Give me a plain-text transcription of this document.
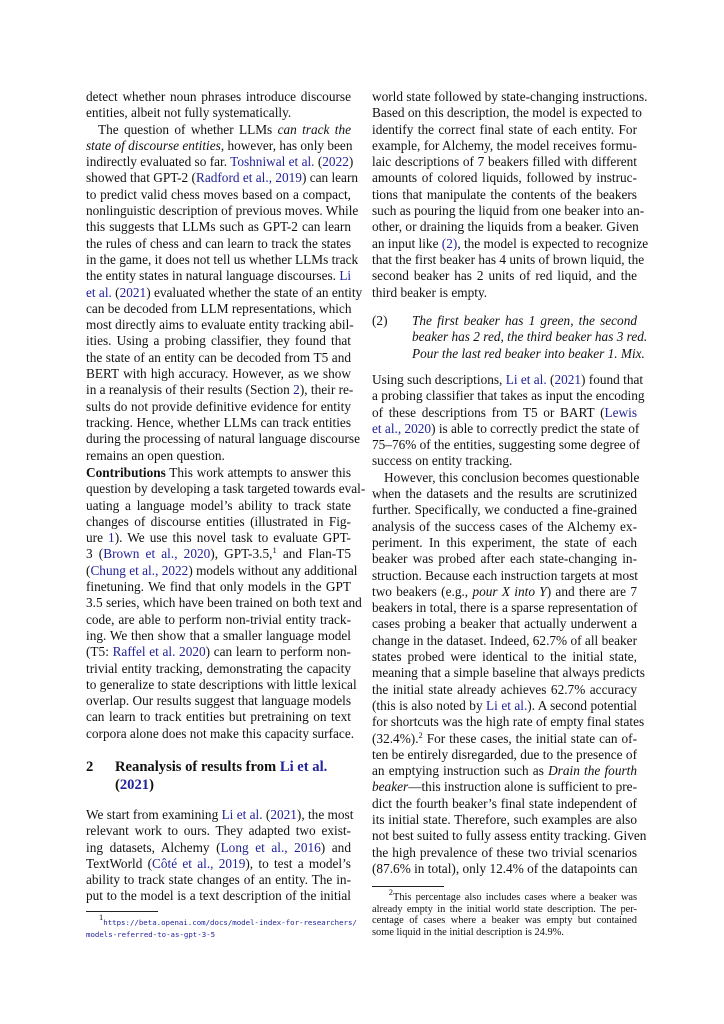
detect whether noun phrases introduce discourse
entities, albeit not fully systematically.
The question of whether LLMs can track the
state of discourse entities, however, has only been
indirectly evaluated so far. Toshniwal et al. (2022)
showed that GPT-2 (Radford et al., 2019) can learn
to predict valid chess moves based on a compact,
nonlinguistic description of previous moves. While
this suggests that LLMs such as GPT-2 can learn
the rules of chess and can learn to track the states
in the game, it does not tell us whether LLMs track
the entity states in natural language discourses. Li
et al. (2021) evaluated whether the state of an entity
can be decoded from LLM representations, which
most directly aims to evaluate entity tracking abil-
ities. Using a probing classifier, they found that
the state of an entity can be decoded from T5 and
BERT with high accuracy. However, as we show
in a reanalysis of their results (Section 2), their re-
sults do not provide definitive evidence for entity
tracking. Hence, whether LLMs can track entities
during the processing of natural language discourse
remains an open question.
Contributions This work attempts to answer this
question by developing a task targeted towards eval-
uating a language model’s ability to track state
changes of discourse entities (illustrated in Fig-
ure 1). We use this novel task to evaluate GPT-
3 (Brown et al., 2020), GPT-3.5,$^1$ and Flan-T5
(Chung et al., 2022) models without any additional
finetuning. We find that only models in the GPT
3.5 series, which have been trained on both text and
code, are able to perform non-trivial entity track-
ing. We then show that a smaller language model
(T5: Raffel et al. 2020) can learn to perform non-
trivial entity tracking, demonstrating the capacity
to generalize to state descriptions with little lexical
overlap. Our results suggest that language models
can learn to track entities but pretraining on text
corpora alone does not make this capacity surface.
2 Reanalysis of results from Li et al.
(2021)
We start from examining Li et al. (2021), the most
relevant work to ours. They adapted two exist-
ing datasets, Alchemy (Long et al., 2016) and
TextWorld (Côté et al., 2019), to test a model’s
ability to track state changes of an entity. The in-
put to the model is a text description of the initial
$^1$https://beta.openai.com/docs/model-index-for-researchers/
models-referred-to-as-gpt-3-5
world state followed by state-changing instructions.
Based on this description, the model is expected to
identify the correct final state of each entity. For
example, for Alchemy, the model receives formu-
laic descriptions of 7 beakers filled with different
amounts of colored liquids, followed by instruc-
tions that manipulate the contents of the beakers
such as pouring the liquid from one beaker into an-
other, or draining the liquids from a beaker. Given
an input like (2), the model is expected to recognize
that the first beaker has 4 units of brown liquid, the
second beaker has 2 units of red liquid, and the
third beaker is empty.
(2) The first beaker has 1 green, the second
beaker has 2 red, the third beaker has 3 red.
Pour the last red beaker into beaker 1. Mix.
Using such descriptions, Li et al. (2021) found that
a probing classifier that takes as input the encoding
of these descriptions from T5 or BART (Lewis
et al., 2020) is able to correctly predict the state of
75–76% of the entities, suggesting some degree of
success on entity tracking.
However, this conclusion becomes questionable
when the datasets and the results are scrutinized
further. Specifically, we conducted a fine-grained
analysis of the success cases of the Alchemy ex-
periment. In this experiment, the state of each
beaker was probed after each state-changing in-
struction. Because each instruction targets at most
two beakers (e.g., pour X into Y) and there are 7
beakers in total, there is a sparse representation of
cases probing a beaker that actually underwent a
change in the dataset. Indeed, 62.7% of all beaker
states probed were identical to the initial state,
meaning that a simple baseline that always predicts
the initial state already achieves 62.7% accuracy
(this is also noted by Li et al.). A second potential
for shortcuts was the high rate of empty final states
(32.4%).$^2$ For these cases, the initial state can of-
ten be entirely disregarded, due to the presence of
an emptying instruction such as Drain the fourth
beaker—this instruction alone is sufficient to pre-
dict the fourth beaker’s final state independent of
its initial state. Therefore, such examples are also
not best suited to fully assess entity tracking. Given
the high prevalence of these two trivial scenarios
(87.6% in total), only 12.4% of the datapoints can
$^2$This percentage also includes cases where a beaker was
already empty in the initial world state description. The per-
centage of cases where a beaker was empty but contained
some liquid in the initial description is 24.9%.
